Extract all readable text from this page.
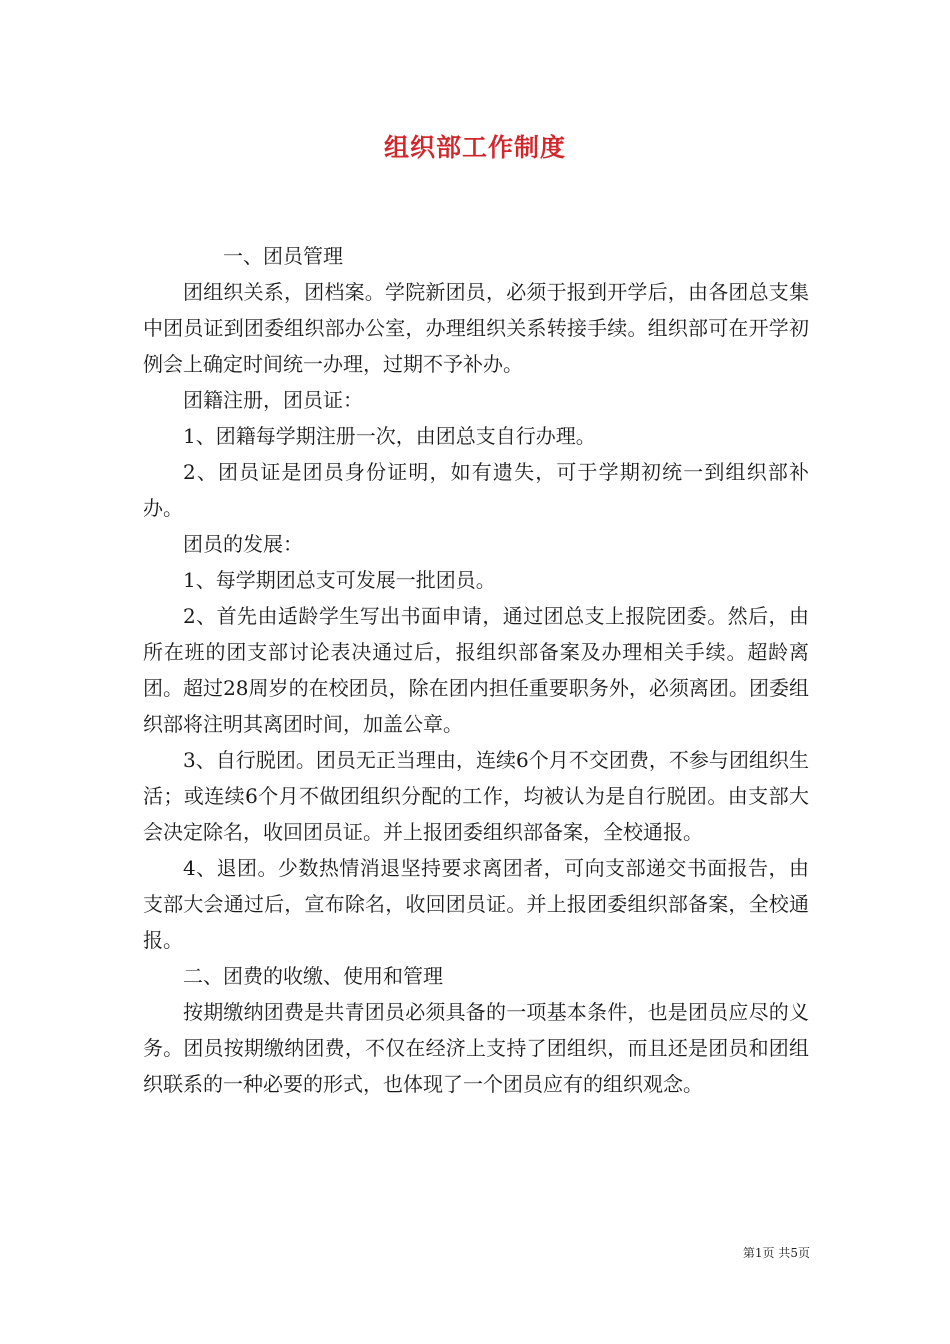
组织部工作制度

一、团员管理

团组织关系，团档案。学院新团员，必须于报到开学后，由各团总支集中团员证到团委组织部办公室，办理组织关系转接手续。组织部可在开学初例会上确定时间统一办理，过期不予补办。

团籍注册，团员证：

1、团籍每学期注册一次，由团总支自行办理。

2、团员证是团员身份证明，如有遗失，可于学期初统一到组织部补办。

团员的发展：

1、每学期团总支可发展一批团员。

2、首先由适龄学生写出书面申请，通过团总支上报院团委。然后，由所在班的团支部讨论表决通过后，报组织部备案及办理相关手续。超龄离团。超过28周岁的在校团员，除在团内担任重要职务外，必须离团。团委组织部将注明其离团时间，加盖公章。

3、自行脱团。团员无正当理由，连续6个月不交团费，不参与团组织生活；或连续6个月不做团组织分配的工作，均被认为是自行脱团。由支部大会决定除名，收回团员证。并上报团委组织部备案，全校通报。

4、退团。少数热情消退坚持要求离团者，可向支部递交书面报告，由支部大会通过后，宣布除名，收回团员证。并上报团委组织部备案，全校通报。

二、团费的收缴、使用和管理

按期缴纳团费是共青团员必须具备的一项基本条件，也是团员应尽的义务。团员按期缴纳团费，不仅在经济上支持了团组织，而且还是团员和团组织联系的一种必要的形式，也体现了一个团员应有的组织观念。

第1页 共5页
